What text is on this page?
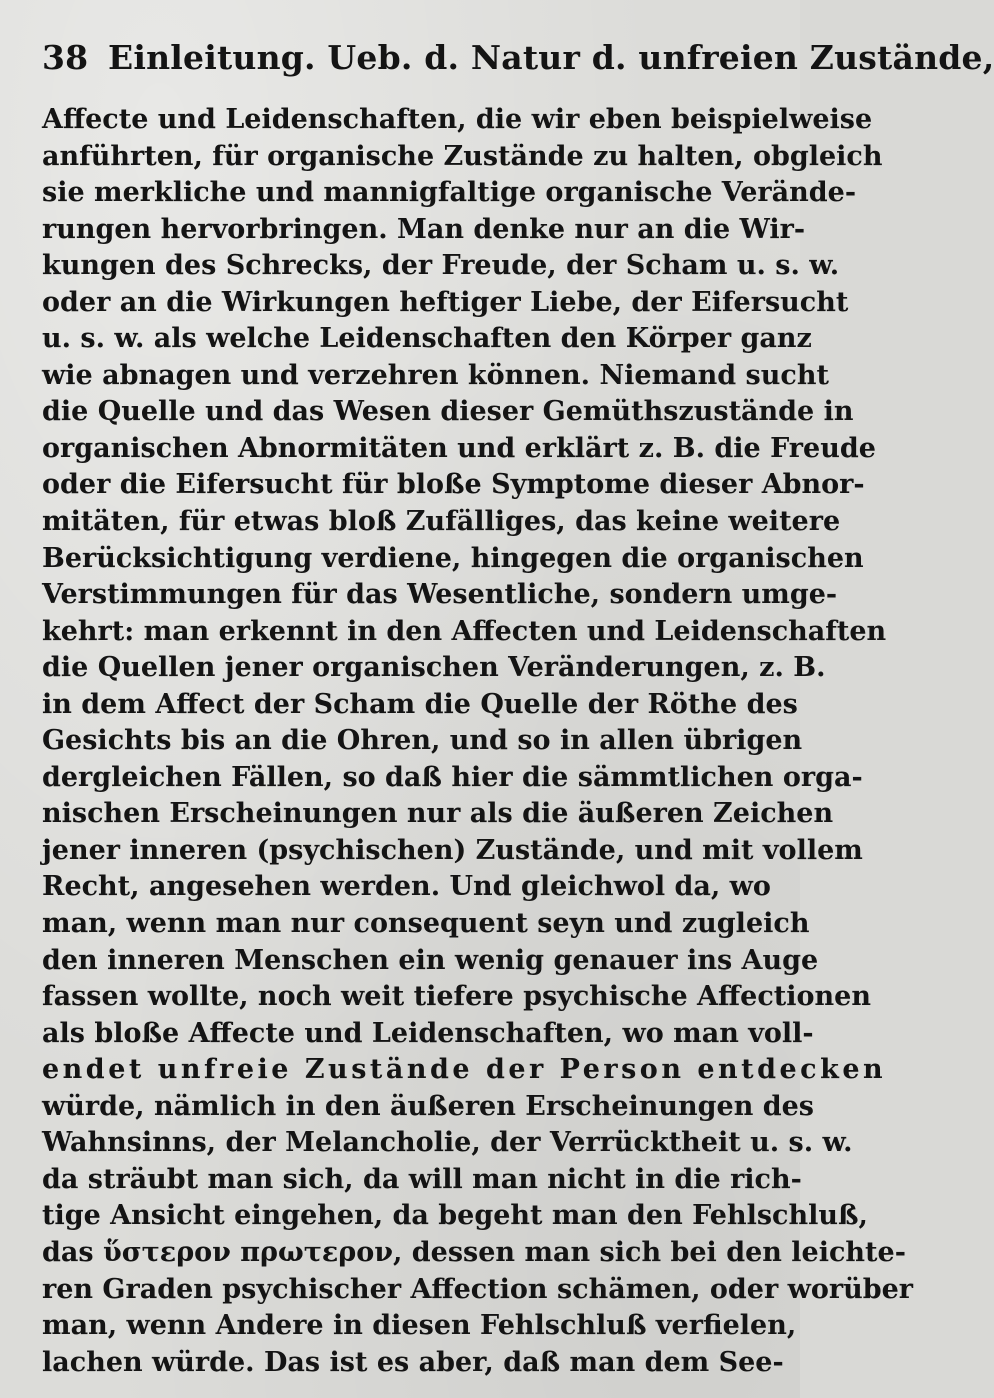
38 Einleitung. Ueb. d. Natur d. unfreien Zustände,
Affecte und Leidenschaften, die wir eben beispielweise
anführten, für organische Zustände zu halten, obgleich
sie merkliche und mannigfaltige organische Verände-
rungen hervorbringen. Man denke nur an die Wir-
kungen des Schrecks, der Freude, der Scham u. s. w.
oder an die Wirkungen heftiger Liebe, der Eifersucht
u. s. w. als welche Leidenschaften den Körper ganz
wie abnagen und verzehren können. Niemand sucht
die Quelle und das Wesen dieser Gemüthszustände in
organischen Abnormitäten und erklärt z. B. die Freude
oder die Eifersucht für bloße Symptome dieser Abnor-
mitäten, für etwas bloß Zufälliges, das keine weitere
Berücksichtigung verdiene, hingegen die organischen
Verstimmungen für das Wesentliche, sondern umge-
kehrt: man erkennt in den Affecten und Leidenschaften
die Quellen jener organischen Veränderungen, z. B.
in dem Affect der Scham die Quelle der Röthe des
Gesichts bis an die Ohren, und so in allen übrigen
dergleichen Fällen, so daß hier die sämmtlichen orga-
nischen Erscheinungen nur als die äußeren Zeichen
jener inneren (psychischen) Zustände, und mit vollem
Recht, angesehen werden. Und gleichwol da, wo
man, wenn man nur consequent seyn und zugleich
den inneren Menschen ein wenig genauer ins Auge
fassen wollte, noch weit tiefere psychische Affectionen
als bloße Affecte und Leidenschaften, wo man voll-
endet unfreie Zustände der Person entdecken
würde, nämlich in den äußeren Erscheinungen des
Wahnsinns, der Melancholie, der Verrücktheit u. s. w.
da sträubt man sich, da will man nicht in die rich-
tige Ansicht eingehen, da begeht man den Fehlschluß,
das ὕστερον πρωτερον, dessen man sich bei den leichte-
ren Graden psychischer Affection schämen, oder worüber
man, wenn Andere in diesen Fehlschluß verfielen,
lachen würde. Das ist es aber, daß man dem See-
